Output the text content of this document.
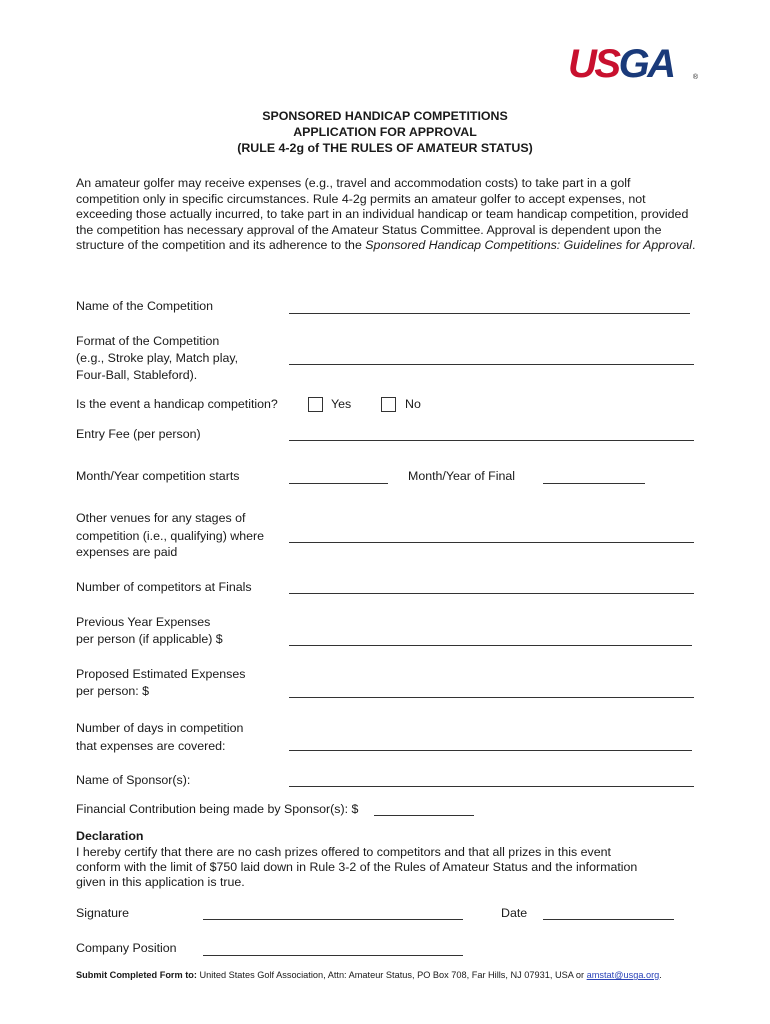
USGA	®
SPONSORED HANDICAP COMPETITIONS
APPLICATION FOR APPROVAL
(RULE 4-2g of THE RULES OF AMATEUR STATUS)
An amateur golfer may receive expenses (e.g., travel and accommodation costs) to take part in a golf competition only in specific circumstances. Rule 4-2g permits an amateur golfer to accept expenses, not exceeding those actually incurred, to take part in an individual handicap or team handicap competition, provided the competition has necessary approval of the Amateur Status Committee. Approval is dependent upon the structure of the competition and its adherence to the Sponsored Handicap Competitions: Guidelines for Approval.
Name of the Competition
Format of the Competition
(e.g., Stroke play, Match play,
Four-Ball, Stableford).
Is the event a handicap competition?	Yes	No
Entry Fee (per person)
Month/Year competition starts	Month/Year of Final
Other venues for any stages of
competition (i.e., qualifying) where
expenses are paid
Number of competitors at Finals
Previous Year Expenses
per person (if applicable) $
Proposed Estimated Expenses
per person: $
Number of days in competition
that expenses are covered:
Name of Sponsor(s):
Financial Contribution being made by Sponsor(s): $
Declaration
I hereby certify that there are no cash prizes offered to competitors and that all prizes in this event
conform with the limit of $750 laid down in Rule 3-2 of the Rules of Amateur Status and the information
given in this application is true.
Signature	Date
Company Position
Submit Completed Form to: United States Golf Association, Attn: Amateur Status, PO Box 708, Far Hills, NJ 07931, USA or amstat@usga.org.
